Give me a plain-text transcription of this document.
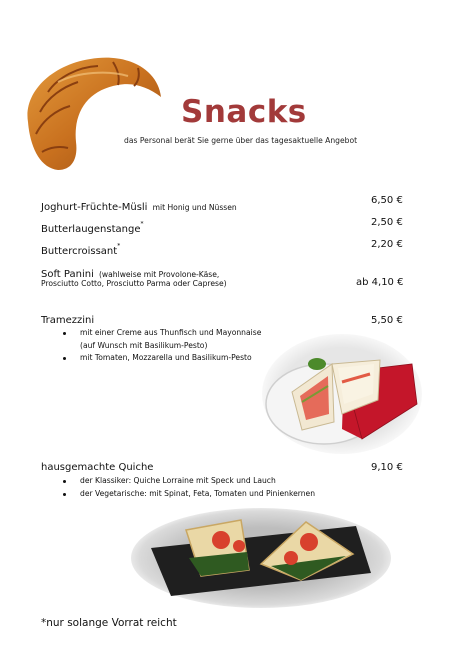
Snacks
das Personal berät Sie gerne über das tagesaktuelle Angebot
Joghurt-Früchte-Müsli mit Honig und Nüssen
6,50 €
Butterlaugenstange*	2,50 €
Buttercroissant*	2,20 €
Soft Panini (wahlweise mit Provolone-Käse,
Prosciutto Cotto, Prosciutto Parma oder Caprese)	ab 4,10 €
Tramezzini	5,50 €
mit einer Creme aus Thunfisch und Mayonnaise
(auf Wunsch mit Basilikum-Pesto)
mit Tomaten, Mozzarella und Basilikum-Pesto
hausgemachte Quiche	9,10 €
der Klassiker: Quiche Lorraine mit Speck und Lauch
der Vegetarische: mit Spinat, Feta, Tomaten und Pinienkernen
*nur solange Vorrat reicht
